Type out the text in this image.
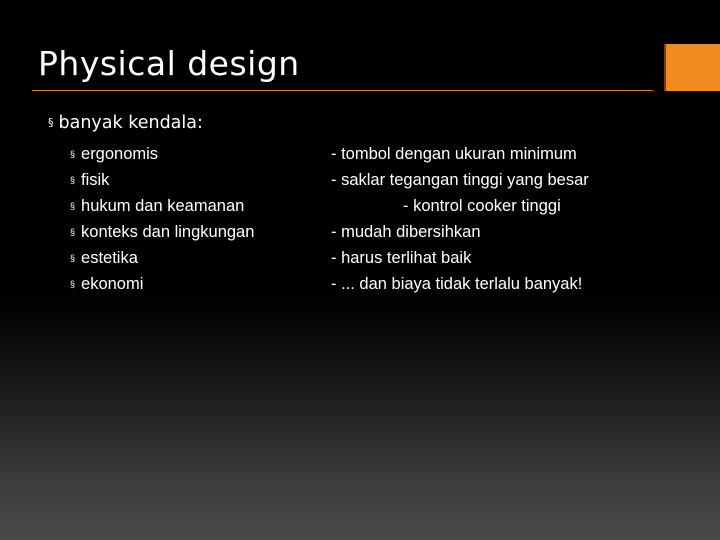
Physical design
§ banyak kendala:
§ ergonomis
§ fisik
§ hukum dan keamanan
§ konteks dan lingkungan
§ estetika
§ ekonomi
- tombol dengan ukuran minimum
- saklar tegangan tinggi yang besar
- kontrol cooker tinggi
- mudah dibersihkan
- harus terlihat baik
- ... dan biaya tidak terlalu banyak!
